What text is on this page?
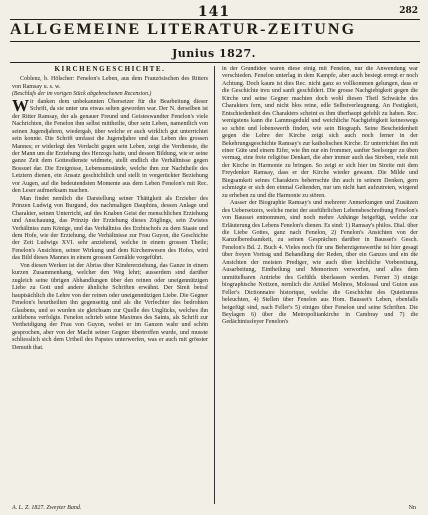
141	282
ALLGEMEINE LITERATUR-ZEITUNG
Junius 1827.
KIRCHENGESCHICHTE.

Coblenz, b. Hölscher: Fenelon's Leben, aus dem Französischen des Ritters von Ramsay u. s. w.

(Beschlufs der im vorigen Stück abgebrochenen Recension.)

Wir danken dem unbekannten Übersetzer für die Bearbeitung dieser Schrift, da sie unter uns etwas selten geworden war. Der N. derselben ist der Ritter Ramsay, der als genauer Freund und Geisteswandter Fenelon's viele Nachrichten, die Fenelon ihm selbst mittheilte, über sein Leben, namentlich von seinen Jugendjahren, wiedergab, über welche er auch wirklich gut unterrichtet sein konnte. Die Schrift umfasst die Jugendjahre und das Leben des grossen Mannes; er widerlegt den Verdacht gegen sein Leben, zeigt die Verdienste, die der Mann um die Erziehung des Herzogs hatte, und dessen Bildung, wie er seine ganze Zeit dem Gottesdienste widmete, stellt endlich die Verhältnisse gegen Bossuet dar. Die Ereignisse, Lebensumstände, welche ihm zur Nachtheile des Letztern dienen, ein Ansatz geschichtlich und stellt in vorgerückter Beziehung vor Augen, auf die bedeutendsten Momente aus dem Leben Fenelon's mit Rec. den Leser aufmerksam machen.

Man findet nemlich die Darstellung seiner Thätigkeit als Erzieher des Prinzen Ludwig von Burgund, des nachmaligen Dauphins, dessen Anlage und Charakter, seinen Unterricht, auf des Knaben Geist der menschlichen Erziehung und Anschauung, das Prinzip der Erziehung dieses Zöglings, sein Zwistes Verhältniss zum Könige, und das Verhältniss des Erzbischofs zu dem Staate und dem Hofe, wie der Erziehung, die Verhältnisse zur Frau Guyon, die Geschichte der Zeit Ludwigs XVI. sehr anziehend, welche in einem grossen Theile; Fenelon's Ansichten, seiner Wirkung und dem Kirchenwesen des Hofes, wird das Bild dieses Mannes in einem grossen Gemälde vorgeführt.

Von diesen Werken ist der Abriss über Kindererziehung, das Ganze in einem kurzen Zusammenhang, welcher den Weg lehrt; ausserdem sind darüber zugleich seine übrigen Abhandlungen über den reinen oder uneigennützigen Liebe zu Gott und andere ähnliche Schriften erwähnt. Der Streit betraf hauptsächlich die Lehre von der reinen oder uneigennützigen Liebe. Die Gegner Fenelon's beurtheilten ihn gegenseitig und als die Verfechter des bedrohten Glaubens, und so wurden sie gleichsam zur Quelle des Unglücks, welches ihn zeitlebens verfolgte. Fenelon schrieb seine Maximes des Saints, als Schrift zur Vertheidigung der Frau von Guyon, wobei er im Ganzen wahr und schön gesprochen, aber von der Macht seiner Gegner übertroffen wurde, und musste schliesslich sich dem Urtheil des Papstes unterwerfen, was er auch mit grösster Demuth that.

in der Grundidee waren diese einig mit Fenelon, nur die Anwendung war verschieden. Fenelon unterlag in dem Kampfe, aber auch besiegt erregt er noch Achtung. Doch kaum ist dies Rec. nicht ganz so vollkommen gelungen, dass er die Geschichte treu und sanft geschildert. Die grosse Nachgiebigkeit gegen die Kirche und seine Gegner machten doch wohl diesen Theil Schwäche des Charakters fern, und nicht blos reine, edle Selbstverleugnung. An Festigkeit, Entschiedenheit des Charakters scheint es ihm überhaupt gefehlt zu haben. Rec. wenigstens kann die Lammsgeduld und weichliche Nachgiebigkeit keineswegs so schön und lobenswerth finden, wie sein Biograph. Seine Bescheidenheit gegen die Lehre der Kirche zeigt sich auch noch ferner in der Bekehrungsgeschichte Ramsay's zur katholischen Kirche. Er unterrichtet ihn mit einer Güte und einem Eifer, wie ihn nur ein frommer, sanfter Seelsorger zu üben vermag, eine freie religiöse Denkart, die aber immer auch das Streben, viele mit der Kirche in Harmonie zu bringen. So zeigt er sich hier im Streite mit dem Freydenker Ramsay, dass er der Kirche wieder gewann. Die Milde und Biegsamkeit seines Charakters beherrschte ihn auch in seinem Denken, gern schmiegte er sich den einmal Geltenden, nur um nicht hart aufzutreten, wirgend zu erheben zu und die Harmonie zu stören.

Ausser der Biographie Ramsay's und mehrerer Anmerkungen und Zusätzen des Uebersetzers, welche meist der ausführlichen Lebensbeschreibung Fenelon's von Bausset entnommen, sind noch mehre Anhänge beigefügt, welche zur Erläuterung des Lebens Fenelon's dienen. Es sind: 1) Ramsay's philos. Dial. über die Liebe Gottes, ganz nach Fenelon, 2) Fenelon's Ansichten von der Kanzelberedsamkeit, zu seinen Gesprächen darüber in Bausset's Gesch. Fenelon's Bd. 2. Buch 4. Vieles noch für uns Beherzigenswerthe ist hier gesagt über freyen Vortrag und Behandlung der Reden, über ein Ganzes und ein die Ansichten der meisten Prediger, wie auch über kirchliche Vorbereitung, Ausarbeitung, Eintheilung und Memoriren verworfen, und alles dem unmittelbaren Antriebe des Gefühls überlassen werden. Ferner 3) einige biographische Notizen, nemlich die Artikel Molinos, Molossal und Guion aus Feller's Dictionnaire historique, welche die Geschichte des Quietismus beleuchten, 4) Stellen über Fenelon aus Hom. Bausset's Leben, ebenfalls beigefügt sind, nach Feller's 5) einiges über Fenelon und seine Schriften. Die Beylagen 6) über die Metropolitankirche in Cambray und 7) die Gedächtnissfeyer Fenelon's

A. L. Z. 1827. Zweyter Band.	Nn
